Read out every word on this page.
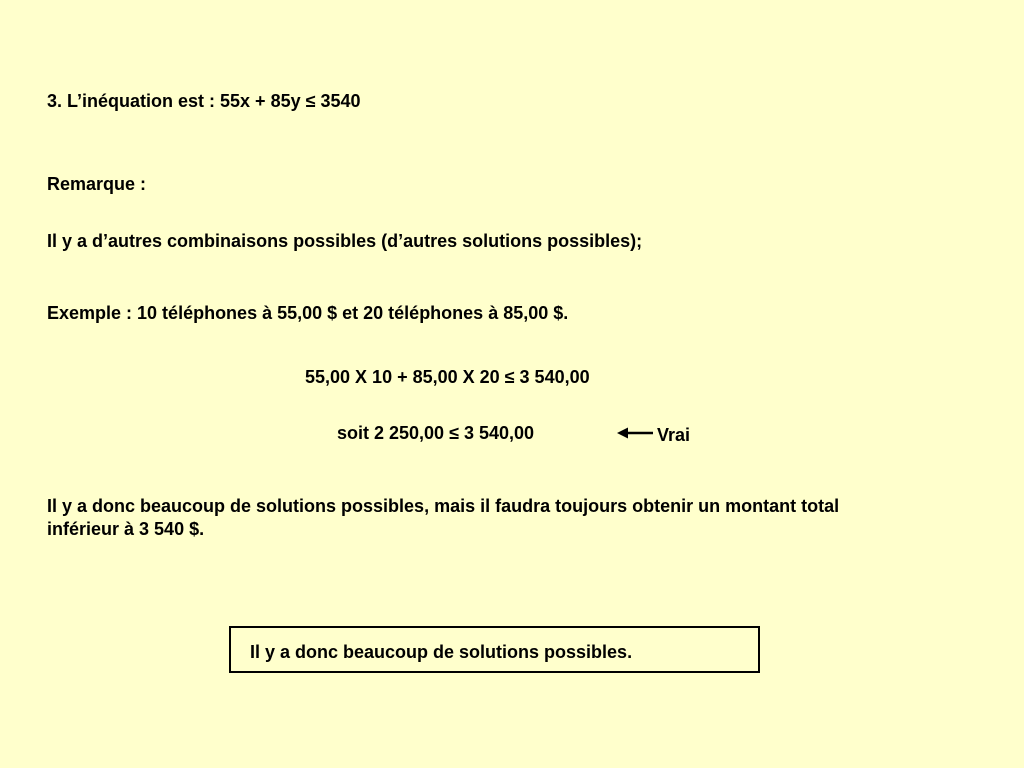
3. L’inéquation est : 55x + 85y ≤ 3540
Remarque :
Il y a d’autres combinaisons possibles (d’autres solutions possibles);
Exemple : 10 téléphones à 55,00 $ et 20 téléphones à 85,00 $.
55,00 X 10 + 85,00 X 20 ≤ 3 540,00
soit 2 250,00 ≤ 3 540,00	Vrai
Il y a donc beaucoup de solutions possibles, mais il faudra toujours obtenir un montant total inférieur à 3 540 $.
Il y a donc beaucoup de solutions possibles.
